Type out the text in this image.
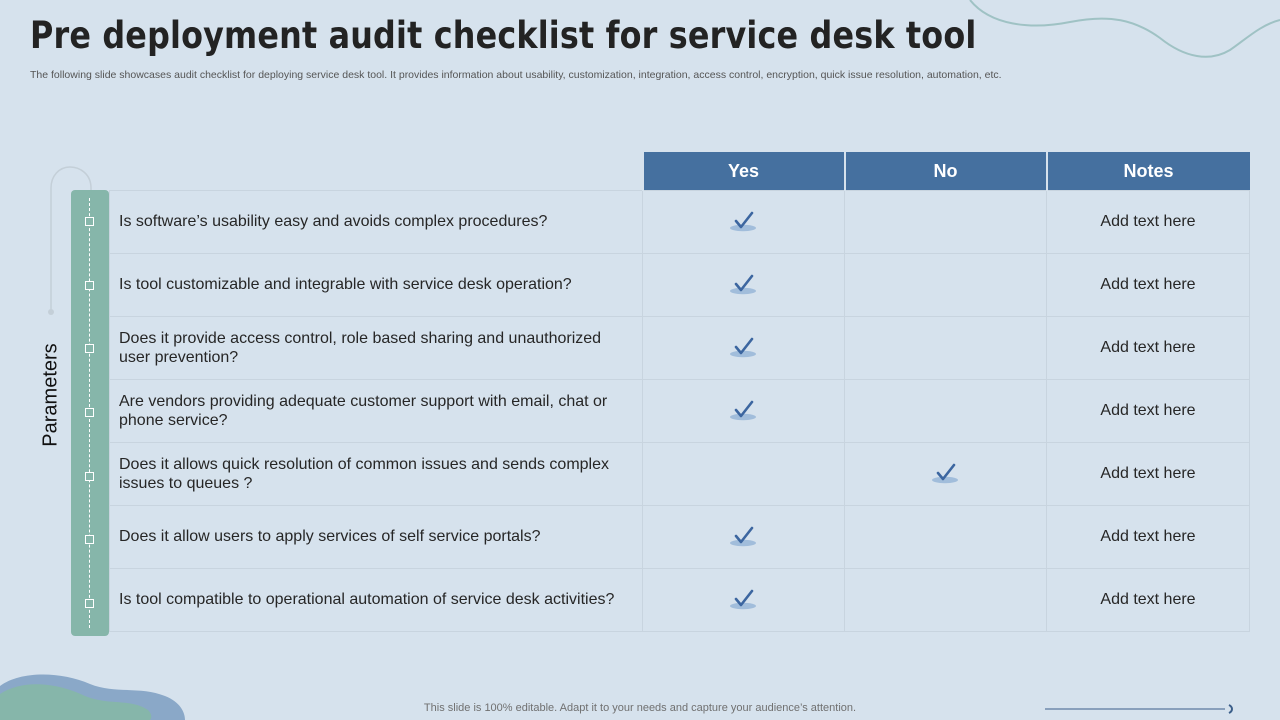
Pre deployment audit checklist for service desk tool

The following slide showcases audit checklist for deploying service desk tool. It provides information about usability, customization, integration, access control, encryption, quick issue resolution, automation, etc.

Parameters
	Yes	No	Notes
Is software’s usability easy and avoids complex procedures?			Add text here
Is tool customizable and integrable with service desk operation?			Add text here
Does it provide access control, role based sharing and unauthorized user prevention?			Add text here
Are vendors providing adequate customer support with email, chat or phone service?			Add text here
Does it allows quick resolution of common issues and sends complex issues to queues ?			Add text here
Does it allow users to apply services of self service portals?			Add text here
Is tool compatible to operational automation of service desk activities?			Add text here
This slide is 100% editable. Adapt it to your needs and capture your audience’s attention.
